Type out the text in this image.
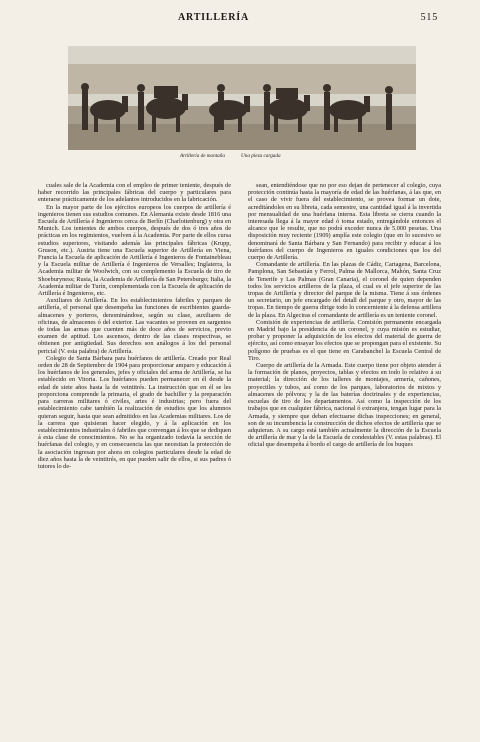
ARTILLERÍA	515
Artillería de montaña	Una pieza cargada

cuales sale de la Academia con el empleo de primer teniente, después de haber recorrido las principales fábricas del cuerpo y particulares para enterarse prácticamente de los adelantos introducidos en la fabricación.

En la mayor parte de los ejércitos europeos los cuerpos de artillería é ingenieros tienen sus estudios comunes. En Alemania existe desde 1816 una Escuela de Artillería é Ingenieros cerca de Berlín (Charlottenburg) y otra en Munich. Los tenientes de ambos cuerpos, después de dos ó tres años de prácticas en los regimientos, vuelven á la Academia. Por parte de ellos cursa estudios superiores, visitando además las principales fábricas (Krupp, Gruson, etc.). Austria tiene una Escuela superior de Artillería en Viena, Francia la Escuela de aplicación de Artillería é Ingenieros de Fontainebleau y la Escuela militar de Artillería é Ingenieros de Versalles; Inglaterra, la Academia militar de Woolwich, con su complemento la Escuela de tiro de Shoeburyness; Rusia, la Academia de Artillería de San Petersburgo; Italia, la Academia militar de Turín, complementada con la Escuela de aplicación de Artillería é Ingenieros, etc.

Auxiliares de Artillería. En los establecimientos fabriles y parques de artillería, el personal que desempeña las funciones de escribientes guarda-almacenes y porteros, denominándose, según su clase, auxiliares de oficinas, de almacenes ó del exterior. Las vacantes se proveen en sargentos de todas las armas que cuenten más de doce años de servicios, previo examen de aptitud. Los ascensos, dentro de las clases respectivas, se obtienen por antigüedad. Sus derechos son análogos á los del personal pericial (V. esta palabra) de Artillería.

Colegio de Santa Bárbara para huérfanos de artillería. Creado por Real orden de 28 de Septiembre de 1904 para proporcionar amparo y educación á los huérfanos de los generales, jefes y oficiales del arma de Artillería, se ha establecido en Vitoria. Los huérfanos pueden permanecer en él desde la edad de siete años hasta la de veintitrés. La instrucción que en él se les proporciona comprende la primaria, el grado de bachiller y la preparación para carreras militares ó civiles, artes é industrias; pero fuera del establecimiento cabe también la realización de estudios que los alumnos quieran seguir, hasta que sean admitidos en las Academias militares. Los de la carrera que quisieran hacer elegido, y á la aplicación en los establecimientos industriales ó fabriles que convengan á los que se dediquen á esta clase de conocimientos. No se ha organizado todavía la sección de huérfanas del colegio, y en consecuencia las que necesitan la protección de la asociación ingresan por ahora en colegios particulares desde la edad de diez años hasta la de veintitrés, en que pueden salir de ellos, si sus padres ó tutores lo de-

sean, entendiéndose que no por eso dejan de pertenecer al colegio, cuya protección continúa hasta la mayoría de edad de las huérfanas, á las que, en el caso de vivir fuera del establecimiento, se provea formar un dote, acreditándoles en su libreta, cada semestre, una cantidad igual á la invertida por mensualidad de una huérfana interna. Esta libreta se cierra cuando la interesada llega á la mayor edad ó toma estado, entregándole entonces el alcance que le resulte, que no podrá exceder nunca de 5.000 pesetas. Una disposición muy reciente (1909) amplía este colegio (que en lo sucesivo se denominará de Santa Bárbara y San Fernando) para recibir y educar á los huérfanos del cuerpo de Ingenieros en iguales condiciones que los del cuerpo de Artillería.

Comandante de artillería. En las plazas de Cádiz, Cartagena, Barcelona, Pamplona, San Sebastián y Ferrol, Palma de Mallorca, Mahón, Santa Cruz de Tenerife y Las Palmas (Gran Canaria), el coronel de quien dependen todos los servicios artilleros de la plaza, el cual es el jefe superior de las tropas de Artillería y director del parque de la misma. Tiene á sus órdenes un secretario, un jefe encargado del detall del parque y otro, mayor de las tropas. En tiempo de guerra dirige todo lo concerniente á la defensa artillera de la plaza. En Algeciras el comandante de artillería es un teniente coronel.

Comisión de experiencias de artillería. Comisión permanente encargada en Madrid bajo la presidencia de un coronel, y cuya misión es estudiar, probar y proponer la adquisición de los efectos del material de guerra de ejército, así como ensayar los efectos que se propongan para el existente. Su polígono de pruebas es el que tiene en Carabanchel la Escuela Central de Tiro.

Cuerpo de artillería de la Armada. Este cuerpo tiene por objeto atender á la formación de planos, proyectos, tablas y efectos en todo lo relativo á su material; la dirección de los talleres de montajes, armería, cañones, proyectiles y tubos, así como de los parques, laboratorios de mixtos y almacenes de pólvora; y la de las baterías doctrinales y de experiencias, escuelas de tiro de los departamentos. Así como la inspección de los trabajos que en cualquier fábrica, nacional ó extranjera, tengan lugar para la Armada, y siempre que deban efectuarse dichas inspecciones; en general, son de su incumbencia la construcción de dichos efectos de artillería que se adquieran. A su cargo está también actualmente la dirección de la Escuela de artillería de mar y la de la Escuela de condestables (V. estas palabras). El oficial que desempeña á bordo el cargo de artillería de los buques
